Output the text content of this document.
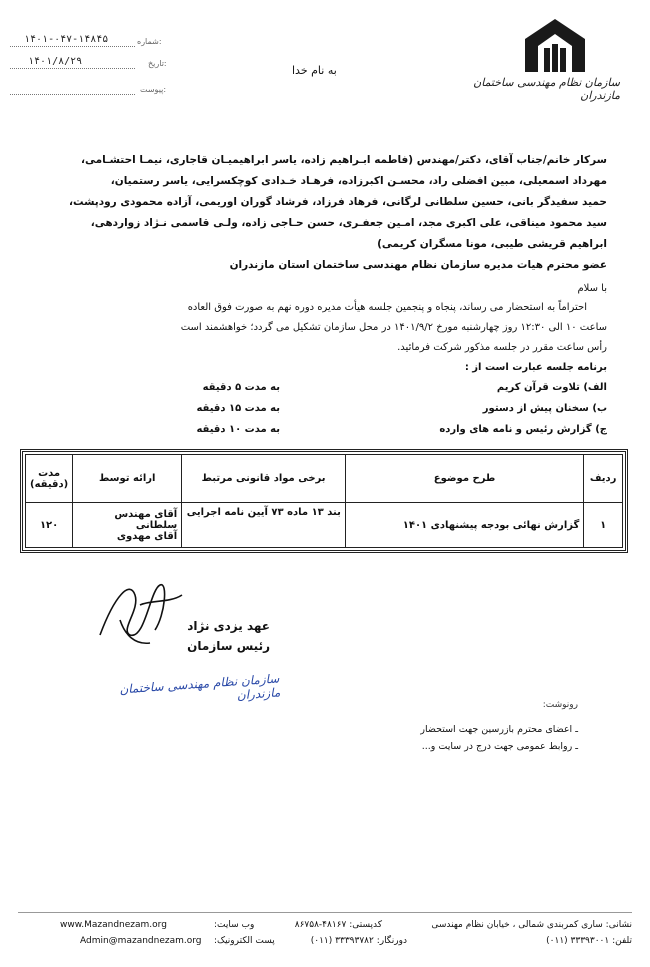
سازمان نظام مهندسی ساختمان مازندران
به نام خدا
۱۴۰۱-۰۴۷-۱۴۸۴۵	شماره:
۱۴۰۱/۸/۲۹	تاریخ:
پیوست:
سرکار خانم/جناب آقای، دکتر/مهندس (فاطمه ابـراهیم زاده، یاسر ابراهیمیـان قاجاری، نیمـا احتشـامی،
مهرداد اسمعیلی، مبین افضلی راد، محسـن اکبرزاده، فرهـاد خـدادی کوچکسرایی، یاسر رستمیان،
حمید سفیدگر بانی، حسین سلطانی لرگانی، فرهاد فرزاد، فرشاد گوران اوریمی، آزاده محمودی رودپشت،
سید محمود میناقی، علی اکبری مجد، امـین جعفـری، حسن حـاجی زاده، ولـی قاسمی نـژاد زواردهی،
ابراهیم قریشی طیبی، مونا مسگران کریمی)
عضو محترم هیات مدیره سازمان نظام مهندسی ساختمان استان مازندران
با سلام
احتراماً به استحضار می رساند، پنجاه و پنجمین جلسه هیأت مدیره دوره نهم به صورت فوق العاده
ساعت ۱۰ الی ۱۲:۳۰ روز چهارشنبه مورخ ۱۴۰۱/۹/۲ در محل سازمان تشکیل می گردد؛ خواهشمند است
رأس ساعت مقرر در جلسه مذکور شرکت فرمائید.
برنامه جلسه عبارت است از :
الف) تلاوت قرآن کریم
به مدت ۵ دقیقه
ب) سخنان پیش از دستور
به مدت ۱۵ دقیقه
ج) گزارش رئیس و نامه های وارده
به مدت ۱۰ دقیقه
ردیف	طرح موضوع	برخی مواد قانونی مرتبط	ارائه توسط	مدت (دقیقه)
۱	گزارش نهائی بودجه پیشنهادی ۱۴۰۱	بند ۱۳ ماده ۷۳ آیین نامه اجرایی	آقای مهندس سلطانی
آقای مهدوی	۱۲۰
عهد یزدی نژاد
رئیس سازمان
سازمان نظام مهندسی ساختمان مازندران
رونوشت:
ـ اعضای محترم بازرسین جهت استحضار
ـ روابط عمومی جهت درج در سایت و...
نشانی: ساری کمربندی شمالی ، خیابان نظام مهندسی
تلفن: ۳۳۳۹۳۰۰۱ (۰۱۱)
کدپستی: ۴۸۱۶۷-۸۶۷۵۸
دورنگار: ۳۳۳۹۳۷۸۲ (۰۱۱)
وب سایت:
www.Mazandnezam.org
پست الکترونیک:
Admin@mazandnezam.org
